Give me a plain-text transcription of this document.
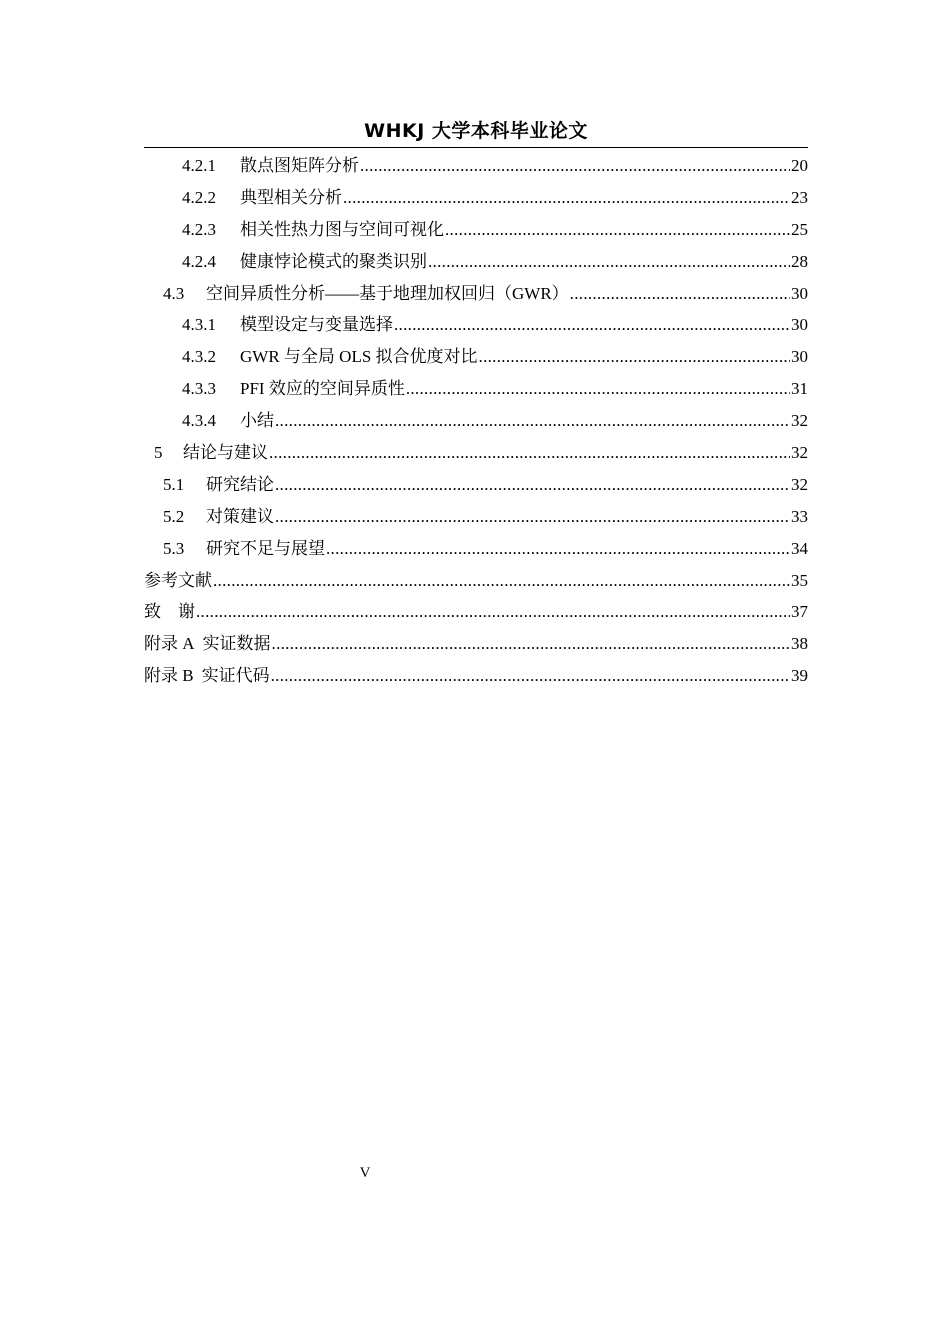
WHKJ 大学本科毕业论文
4.2.1	散点图矩阵分析 .....	20
4.2.2	典型相关分析 .....	23
4.2.3	相关性热力图与空间可视化 .....	25
4.2.4	健康悖论模式的聚类识别 .....	28
4.3	空间异质性分析——基于地理加权回归（GWR） .....	30
4.3.1	模型设定与变量选择 .....	30
4.3.2	GWR 与全局 OLS 拟合优度对比 .....	30
4.3.3	PFI 效应的空间异质性 .....	31
4.3.4	小结 .....	32
5	结论与建议 .....	32
5.1	研究结论 .....	32
5.2	对策建议 .....	33
5.3	研究不足与展望 .....	34
参考文献 .....	35
致　谢 .....	37
附录 A 实证数据 .....	38
附录 B 实证代码 .....	39
V
